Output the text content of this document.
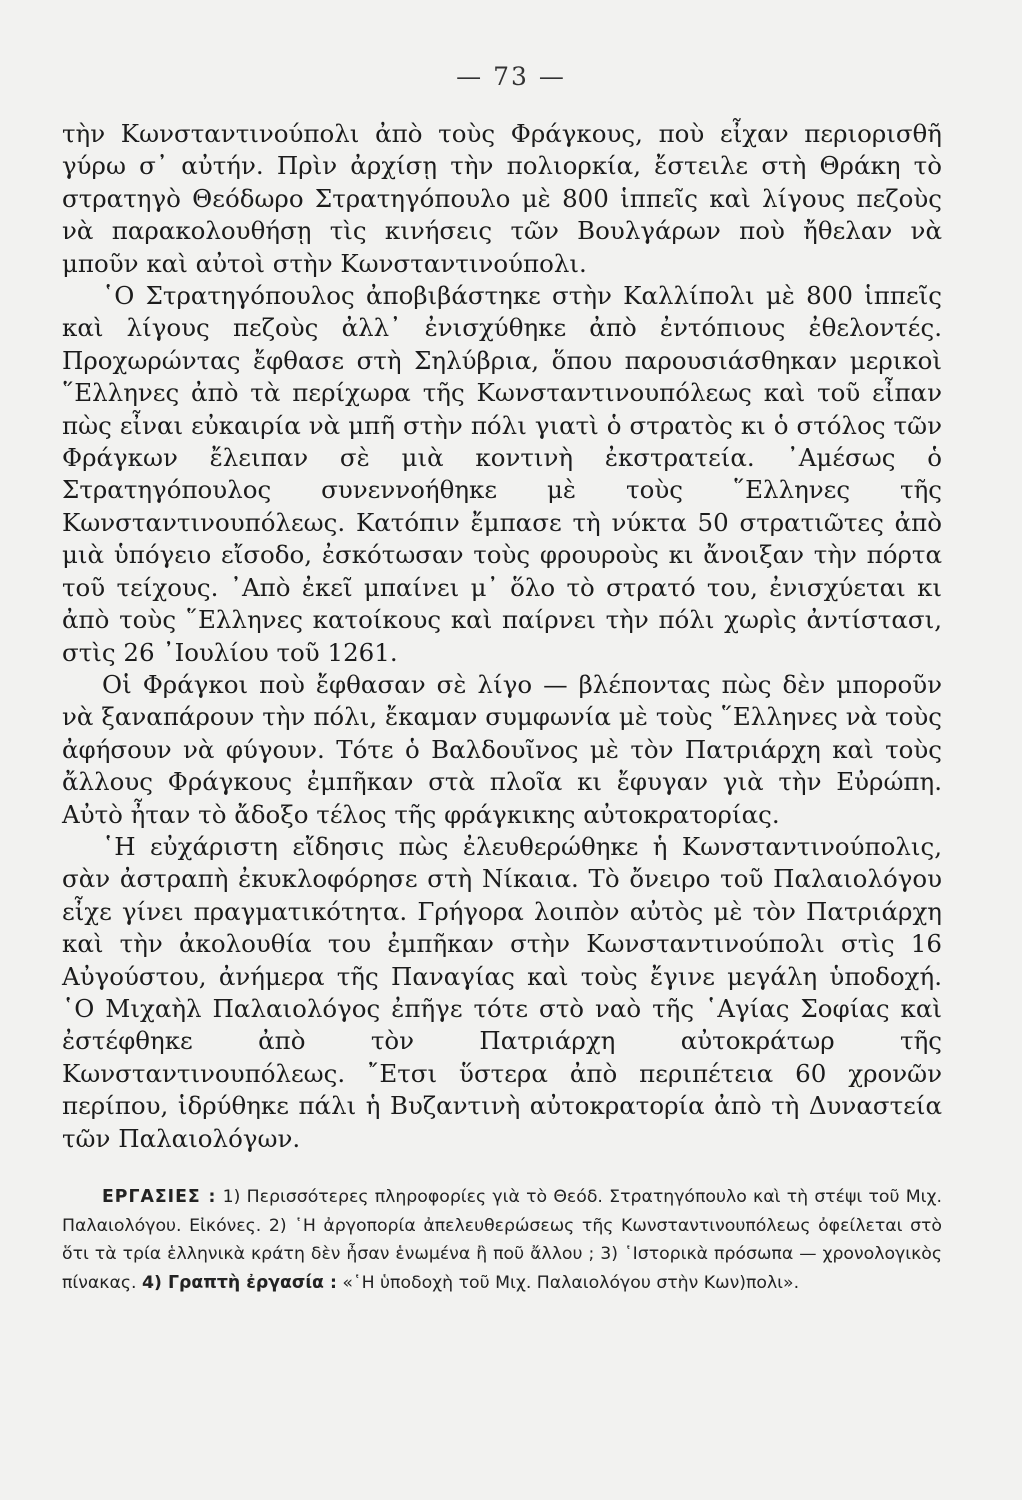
— 73 —

τὴν Κωνσταντινούπολι ἀπὸ τοὺς Φράγκους, ποὺ εἶχαν περιορισθῆ γύρω σ᾿ αὐτήν. Πρὶν ἀρχίσῃ τὴν πολιορκία, ἔστειλε στὴ Θράκη τὸ στρατηγὸ Θεόδωρο Στρατηγόπουλο μὲ 800 ἱππεῖς καὶ λίγους πεζοὺς νὰ παρακολουθήσῃ τὶς κινήσεις τῶν Βουλγάρων ποὺ ἤθελαν νὰ μποῦν καὶ αὐτοὶ στὴν Κωνσταντινούπολι.

῾Ο Στρατηγόπουλος ἀποβιβάστηκε στὴν Καλλίπολι μὲ 800 ἱππεῖς καὶ λίγους πεζοὺς ἀλλ᾿ ἐνισχύθηκε ἀπὸ ἐντόπιους ἐθελοντές. Προχωρώντας ἔφθασε στὴ Σηλύβρια, ὅπου παρουσιάσθηκαν μερικοὶ ῞Ελληνες ἀπὸ τὰ περίχωρα τῆς Κωνσταντινουπόλεως καὶ τοῦ εἶπαν πὼς εἶναι εὐκαιρία νὰ μπῆ στὴν πόλι γιατὶ ὁ στρατὸς κι ὁ στόλος τῶν Φράγκων ἔλειπαν σὲ μιὰ κοντινὴ ἐκστρατεία. ᾿Αμέσως ὁ Στρατηγόπουλος συνεννοήθηκε μὲ τοὺς ῞Ελληνες τῆς Κωνσταντινουπόλεως. Κατόπιν ἔμπασε τὴ νύκτα 50 στρατιῶτες ἀπὸ μιὰ ὑπόγειο εἴσοδο, ἐσκότωσαν τοὺς φρουροὺς κι ἄνοιξαν τὴν πόρτα τοῦ τείχους. ᾿Απὸ ἐκεῖ μπαίνει μ᾿ ὅλο τὸ στρατό του, ἐνισχύεται κι ἀπὸ τοὺς ῞Ελληνες κατοίκους καὶ παίρνει τὴν πόλι χωρὶς ἀντίστασι, στὶς 26 ᾿Ιουλίου τοῦ 1261.

Οἱ Φράγκοι ποὺ ἔφθασαν σὲ λίγο — βλέποντας πὼς δὲν μποροῦν νὰ ξαναπάρουν τὴν πόλι, ἔκαμαν συμφωνία μὲ τοὺς ῞Ελληνες νὰ τοὺς ἀφήσουν νὰ φύγουν. Τότε ὁ Βαλδουῖνος μὲ τὸν Πατριάρχη καὶ τοὺς ἄλλους Φράγκους ἐμπῆκαν στὰ πλοῖα κι ἔφυγαν γιὰ τὴν Εὐρώπη. Αὐτὸ ἦταν τὸ ἄδοξο τέλος τῆς φράγκικης αὐτοκρατορίας.

῾Η εὐχάριστη εἴδησις πὼς ἐλευθερώθηκε ἡ Κωνσταντινούπολις, σὰν ἀστραπὴ ἐκυκλοφόρησε στὴ Νίκαια. Τὸ ὄνειρο τοῦ Παλαιολόγου εἶχε γίνει πραγματικότητα. Γρήγορα λοιπὸν αὐτὸς μὲ τὸν Πατριάρχη καὶ τὴν ἀκολουθία του ἐμπῆκαν στὴν Κωνσταντινούπολι στὶς 16 Αὐγούστου, ἀνήμερα τῆς Παναγίας καὶ τοὺς ἔγινε μεγάλη ὑποδοχή. ῾Ο Μιχαὴλ Παλαιολόγος ἐπῆγε τότε στὸ ναὸ τῆς ῾Αγίας Σοφίας καὶ ἐστέφθηκε ἀπὸ τὸν Πατριάρχη αὐτοκράτωρ τῆς Κωνσταντινουπόλεως. ῎Ετσι ὕστερα ἀπὸ περιπέτεια 60 χρονῶν περίπου, ἱδρύθηκε πάλι ἡ Βυζαντινὴ αὐτοκρατορία ἀπὸ τὴ Δυναστεία τῶν Παλαιολόγων.

ΕΡΓΑΣΙΕΣ : 1) Περισσότερες πληροφορίες γιὰ τὸ Θεόδ. Στρατηγόπουλο καὶ τὴ στέψι τοῦ Μιχ. Παλαιολόγου. Εἰκόνες. 2) ῾Η ἀργοπορία ἀπελευθερώσεως τῆς Κωνσταντινουπόλεως ὀφείλεται στὸ ὅτι τὰ τρία ἑλληνικὰ κράτη δὲν ἦσαν ἑνωμένα ἢ ποῦ ἄλλου ; 3) ῾Ιστορικὰ πρόσωπα — χρονολογικὸς πίνακας. 4) Γραπτὴ ἐργασία : «῾Η ὑποδοχὴ τοῦ Μιχ. Παλαιολόγου στὴν Κων)πολι».
